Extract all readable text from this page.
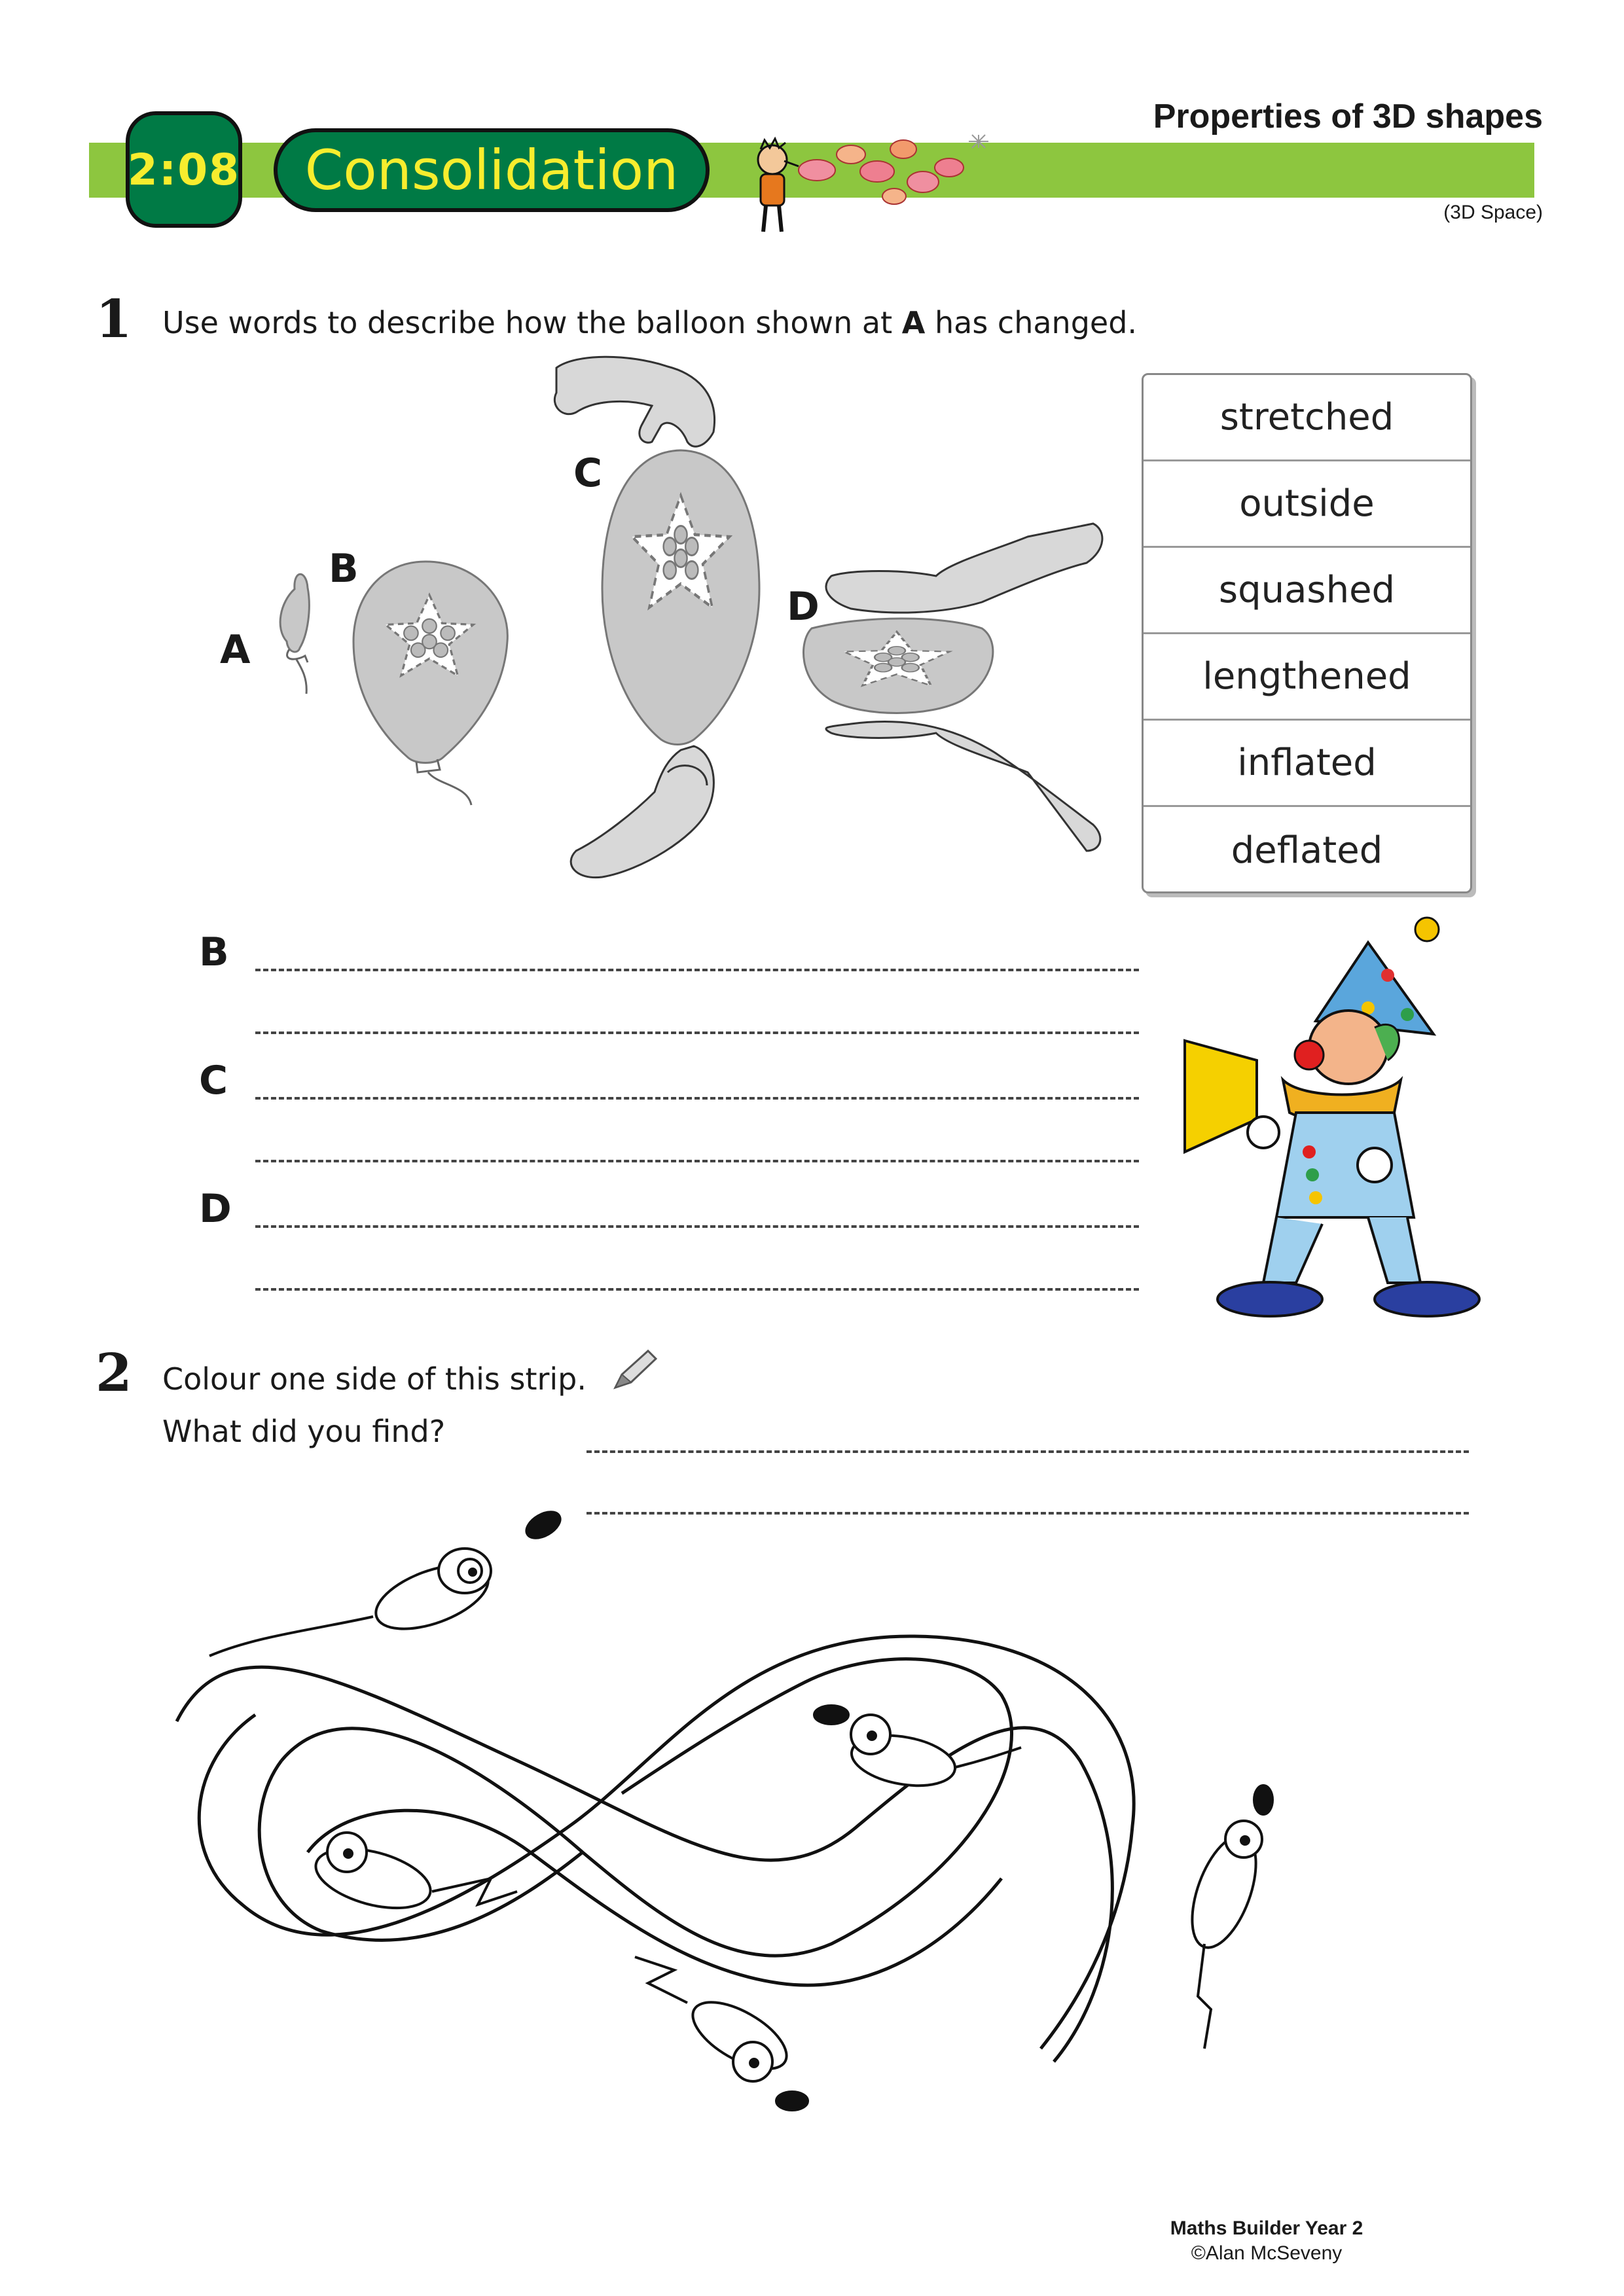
2:08	Consolidation
Properties of 3D shapes
(3D Space)
1 Use words to describe how the balloon shown at A has changed.
A
B
C
D
stretched
outside
squashed
lengthened
inflated
deflated
B
C
D
2 Colour one side of this strip.
What did you find?
Maths Builder Year 2
©Alan McSeveny
